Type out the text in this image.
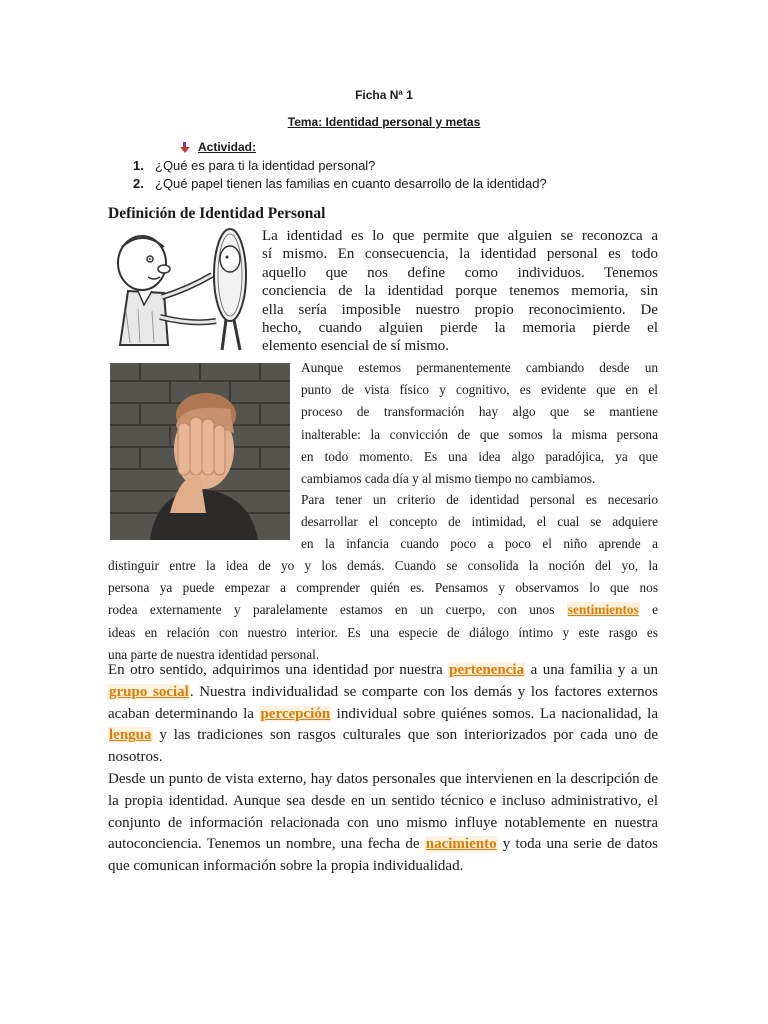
Ficha Nª 1
Tema: Identidad personal y metas
Actividad:
1. ¿Qué es para ti la identidad personal?
2. ¿Qué papel tienen las familias en cuanto desarrollo de la identidad?
Definición de Identidad Personal
La identidad es lo que permite que alguien se reconozca a
sí mismo. En consecuencia, la identidad personal es todo
aquello que nos define como individuos. Tenemos
conciencia de la identidad porque tenemos memoria, sin
ella sería imposible nuestro propio reconocimiento. De
hecho, cuando alguien pierde la memoria pierde el
elemento esencial de sí mismo.
Aunque estemos permanentemente cambiando desde un
punto de vista físico y cognitivo, es evidente que en el
proceso de transformación hay algo que se mantiene
inalterable: la convicción de que somos la misma persona
en todo momento. Es una idea algo paradójica, ya que
cambiamos cada día y al mismo tiempo no cambiamos.
Para tener un criterio de identidad personal es necesario
desarrollar el concepto de intimidad, el cual se adquiere
en la infancia cuando poco a poco el niño aprende a
distinguir entre la idea de yo y los demás. Cuando se consolida la noción del yo, la
persona ya puede empezar a comprender quién es. Pensamos y observamos lo que nos
rodea externamente y paralelamente estamos en un cuerpo, con unos sentimientos e
ideas en relación con nuestro interior. Es una especie de diálogo íntimo y este rasgo es
una parte de nuestra identidad personal.
En otro sentido, adquirimos una identidad por nuestra pertenencia a una familia y a un grupo social. Nuestra individualidad se comparte con los demás y los factores externos acaban determinando la percepción individual sobre quiénes somos. La nacionalidad, la lengua y las tradiciones son rasgos culturales que son interiorizados por cada uno de nosotros.
Desde un punto de vista externo, hay datos personales que intervienen en la descripción de la propia identidad. Aunque sea desde en un sentido técnico e incluso administrativo, el conjunto de información relacionada con uno mismo influye notablemente en nuestra autoconciencia. Tenemos un nombre, una fecha de nacimiento y toda una serie de datos que comunican información sobre la propia individualidad.
